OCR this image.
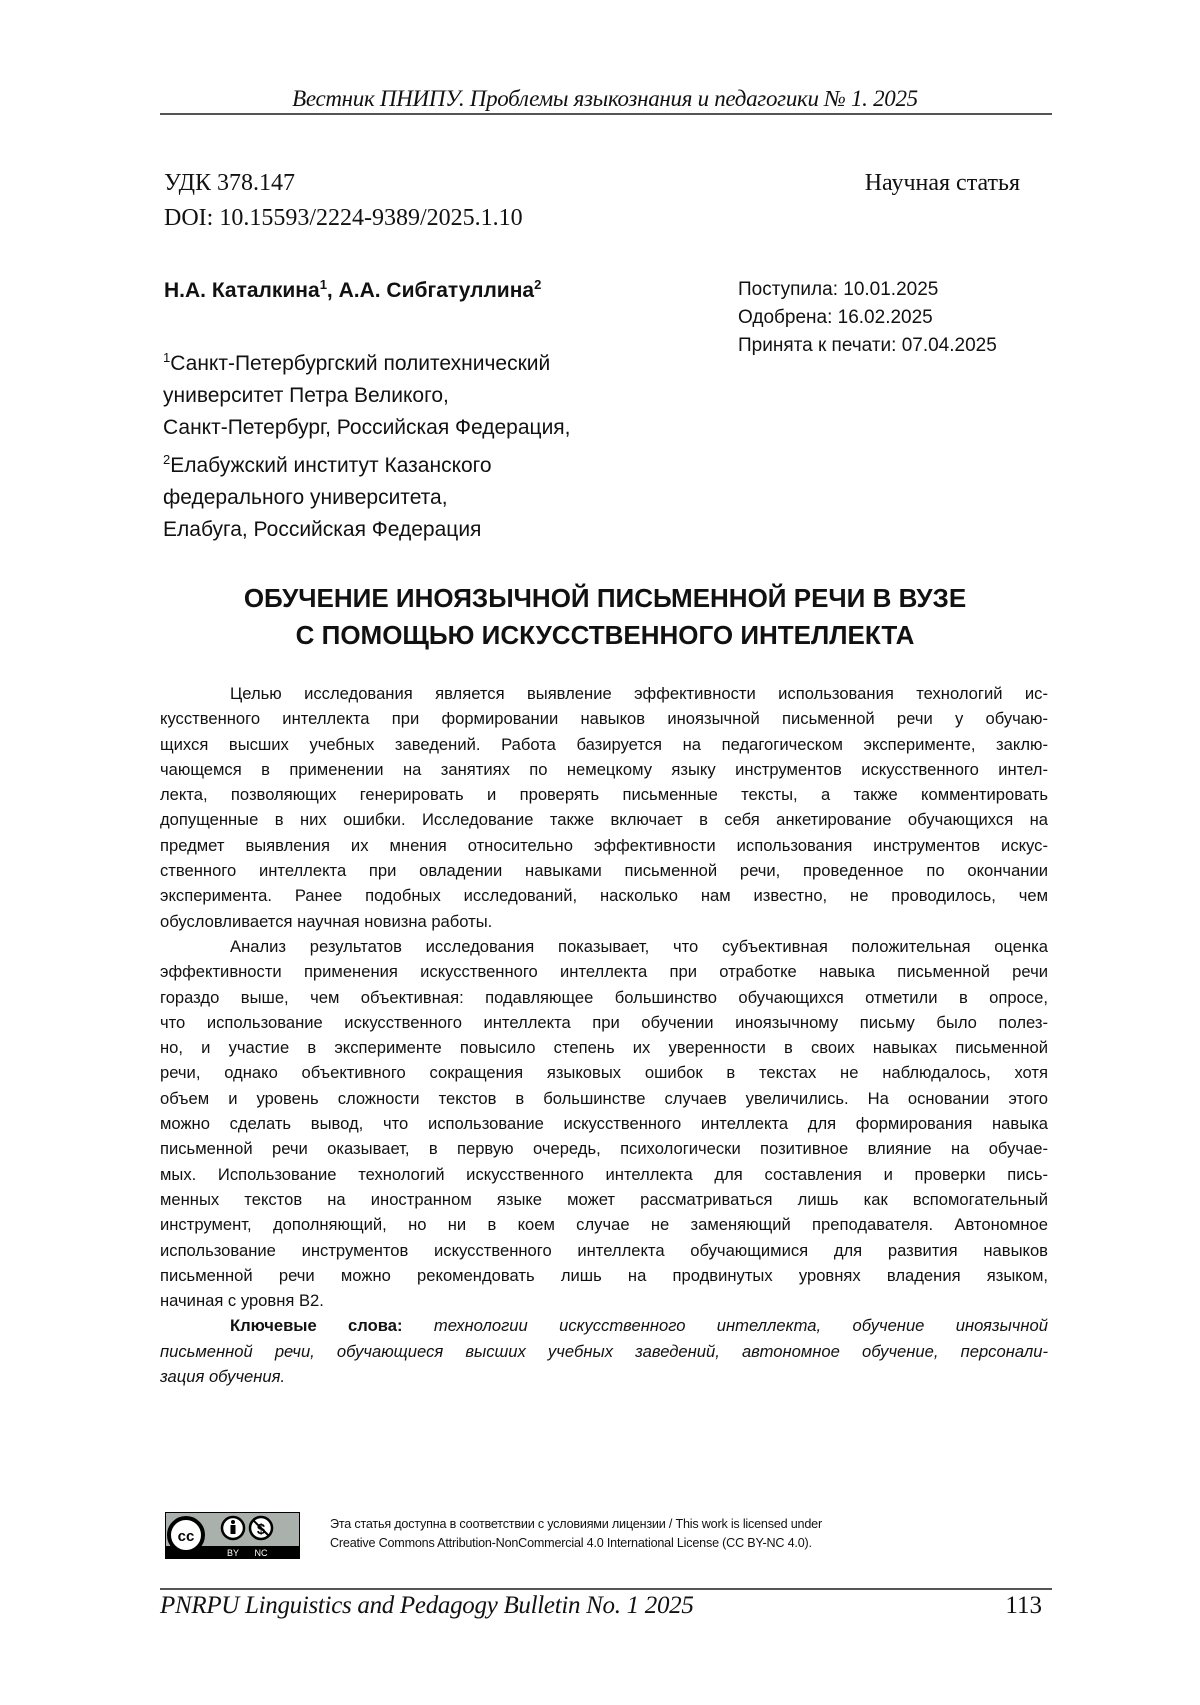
Вестник ПНИПУ. Проблемы языкознания и педагогики № 1. 2025
УДК 378.147
DOI: 10.15593/2224-9389/2025.1.10
Научная статья
Н.А. Каталкина1, А.А. Сибгатуллина2	Поступила: 10.01.2025
Одобрена: 16.02.2025
Принята к печати: 07.04.2025
1Санкт-Петербургский политехнический
университет Петра Великого,
Санкт-Петербург, Российская Федерация,
2Елабужский институт Казанского
федерального университета,
Елабуга, Российская Федерация
ОБУЧЕНИЕ ИНОЯЗЫЧНОЙ ПИСЬМЕННОЙ РЕЧИ В ВУЗЕ
С ПОМОЩЬЮ ИСКУССТВЕННОГО ИНТЕЛЛЕКТА
Целью исследования является выявление эффективности использования технологий ис-
кусственного интеллекта при формировании навыков иноязычной письменной речи у обучаю-
щихся высших учебных заведений. Работа базируется на педагогическом эксперименте, заклю-
чающемся в применении на занятиях по немецкому языку инструментов искусственного интел-
лекта, позволяющих генерировать и проверять письменные тексты, а также комментировать
допущенные в них ошибки. Исследование также включает в себя анкетирование обучающихся на
предмет выявления их мнения относительно эффективности использования инструментов искус-
ственного интеллекта при овладении навыками письменной речи, проведенное по окончании
эксперимента. Ранее подобных исследований, насколько нам известно, не проводилось, чем
обусловливается научная новизна работы.
Анализ результатов исследования показывает, что субъективная положительная оценка
эффективности применения искусственного интеллекта при отработке навыка письменной речи
гораздо выше, чем объективная: подавляющее большинство обучающихся отметили в опросе,
что использование искусственного интеллекта при обучении иноязычному письму было полез-
но, и участие в эксперименте повысило степень их уверенности в своих навыках письменной
речи, однако объективного сокращения языковых ошибок в текстах не наблюдалось, хотя
объем и уровень сложности текстов в большинстве случаев увеличились. На основании этого
можно сделать вывод, что использование искусственного интеллекта для формирования навыка
письменной речи оказывает, в первую очередь, психологически позитивное влияние на обучае-
мых. Использование технологий искусственного интеллекта для составления и проверки пись-
менных текстов на иностранном языке может рассматриваться лишь как вспомогательный
инструмент, дополняющий, но ни в коем случае не заменяющий преподавателя. Автономное
использование инструментов искусственного интеллекта обучающимися для развития навыков
письменной речи можно рекомендовать лишь на продвинутых уровнях владения языком,
начиная с уровня B2.
Ключевые слова: технологии искусственного интеллекта, обучение иноязычной
письменной речи, обучающиеся высших учебных заведений, автономное обучение, персонали-
зация обучения.
cc	$
BY NC
Эта статья доступна в соответствии с условиями лицензии / This work is licensed under
Creative Commons Attribution-NonCommercial 4.0 International License (CC BY-NC 4.0).
PNRPU Linguistics and Pedagogy Bulletin No. 1 2025	113
